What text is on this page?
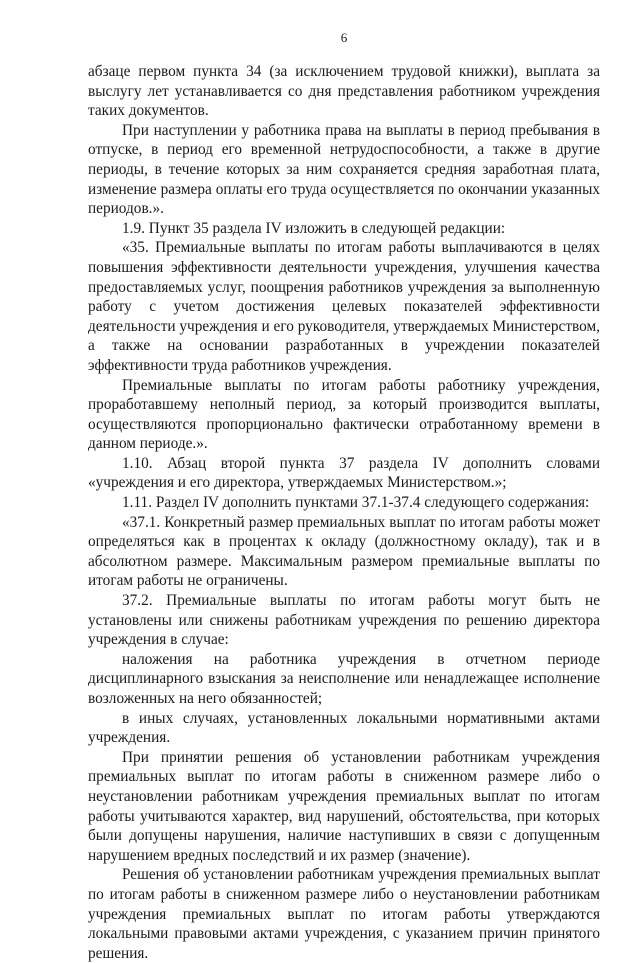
6

абзаце первом пункта 34 (за исключением трудовой книжки), выплата за выслугу лет устанавливается со дня представления работником учреждения таких документов.

При наступлении у работника права на выплаты в период пребывания в отпуске, в период его временной нетрудоспособности, а также в другие периоды, в течение которых за ним сохраняется средняя заработная плата, изменение размера оплаты его труда осуществляется по окончании указанных периодов.».

1.9. Пункт 35 раздела IV изложить в следующей редакции:

«35. Премиальные выплаты по итогам работы выплачиваются в целях повышения эффективности деятельности учреждения, улучшения качества предоставляемых услуг, поощрения работников учреждения за выполненную работу с учетом достижения целевых показателей эффективности деятельности учреждения и его руководителя, утверждаемых Министерством, а также на основании разработанных в учреждении показателей эффективности труда работников учреждения.

Премиальные выплаты по итогам работы работнику учреждения, проработавшему неполный период, за который производится выплаты, осуществляются пропорционально фактически отработанному времени в данном периоде.».

1.10. Абзац второй пункта 37 раздела IV дополнить словами «учреждения и его директора, утверждаемых Министерством.»;

1.11. Раздел IV дополнить пунктами 37.1-37.4 следующего содержания:

«37.1. Конкретный размер премиальных выплат по итогам работы может определяться как в процентах к окладу (должностному окладу), так и в абсолютном размере. Максимальным размером премиальные выплаты по итогам работы не ограничены.

37.2. Премиальные выплаты по итогам работы могут быть не установлены или снижены работникам учреждения по решению директора учреждения в случае:

наложения на работника учреждения в отчетном периоде дисциплинарного взыскания за неисполнение или ненадлежащее исполнение возложенных на него обязанностей;

в иных случаях, установленных локальными нормативными актами учреждения.

При принятии решения об установлении работникам учреждения премиальных выплат по итогам работы в сниженном размере либо о неустановлении работникам учреждения премиальных выплат по итогам работы учитываются характер, вид нарушений, обстоятельства, при которых были допущены нарушения, наличие наступивших в связи с допущенным нарушением вредных последствий и их размер (значение).

Решения об установлении работникам учреждения премиальных выплат по итогам работы в сниженном размере либо о неустановлении работникам учреждения премиальных выплат по итогам работы утверждаются локальными правовыми актами учреждения, с указанием причин принятого решения.
